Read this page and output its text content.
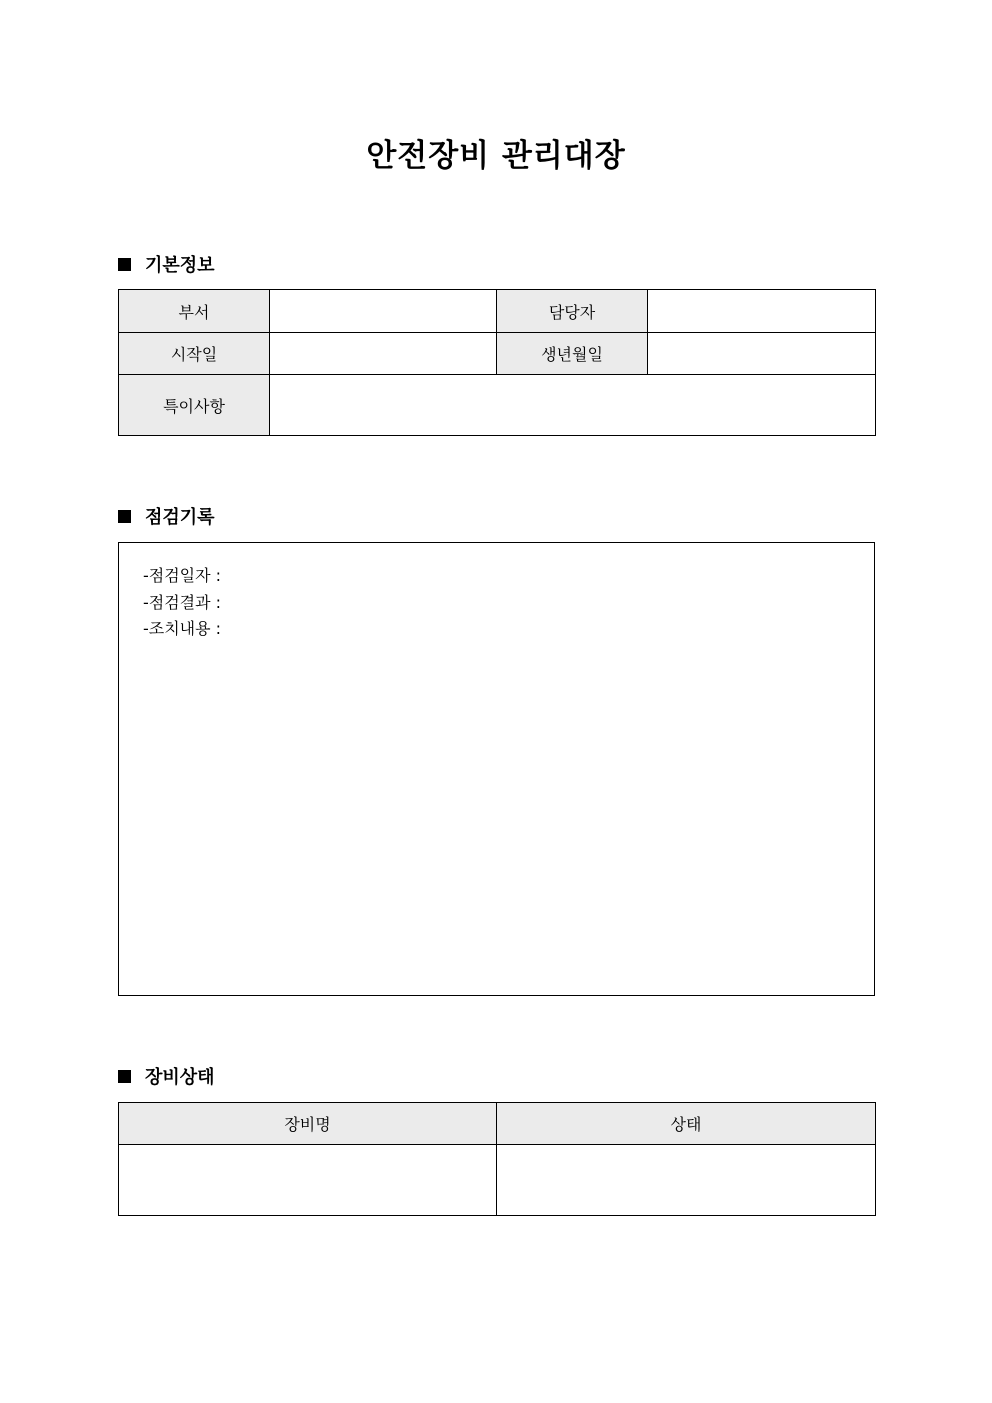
안전장비 관리대장
기본정보
부서		담당자	
시작일		생년월일	
특이사항			
점검기록
-점검일자 :
-점검결과 :
-조치내용 :
장비상태
장비명	상태
